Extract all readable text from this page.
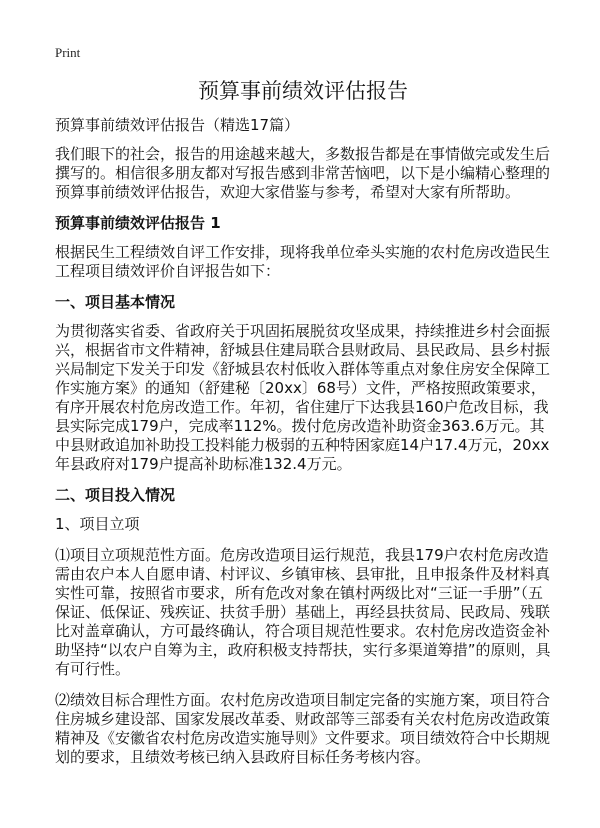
Print
预算事前绩效评估报告
预算事前绩效评估报告（精选17篇）
我们眼下的社会，报告的用途越来越大，多数报告都是在事情做完或发生后撰写的。相信很多朋友都对写报告感到非常苦恼吧，以下是小编精心整理的预算事前绩效评估报告，欢迎大家借鉴与参考，希望对大家有所帮助。
预算事前绩效评估报告 1
根据民生工程绩效自评工作安排，现将我单位牵头实施的农村危房改造民生工程项目绩效评价自评报告如下：
一、项目基本情况
为贯彻落实省委、省政府关于巩固拓展脱贫攻坚成果，持续推进乡村会面振兴，根据省市文件精神，舒城县住建局联合县财政局、县民政局、县乡村振兴局制定下发关于印发《舒城县农村低收入群体等重点对象住房安全保障工作实施方案》的通知（舒建秘〔20xx〕68号）文件，严格按照政策要求，有序开展农村危房改造工作。年初，省住建厅下达我县160户危改目标，我县实际完成179户，完成率112%。拨付危房改造补助资金363.6万元。其中县财政追加补助投工投料能力极弱的五种特困家庭14户17.4万元，20xx年县政府对179户提高补助标准132.4万元。
二、项目投入情况
1、项目立项
⑴项目立项规范性方面。危房改造项目运行规范，我县179户农村危房改造需由农户本人自愿申请、村评议、乡镇审核、县审批，且申报条件及材料真实性可靠，按照省市要求，所有危改对象在镇村两级比对“三证一手册”（五保证、低保证、残疾证、扶贫手册）基础上，再经县扶贫局、民政局、残联比对盖章确认，方可最终确认，符合项目规范性要求。农村危房改造资金补助坚持“以农户自筹为主，政府积极支持帮扶，实行多渠道筹措”的原则，具有可行性。
⑵绩效目标合理性方面。农村危房改造项目制定完备的实施方案，项目符合住房城乡建设部、国家发展改革委、财政部等三部委有关农村危房改造政策精神及《安徽省农村危房改造实施导则》文件要求。项目绩效符合中长期规划的要求，且绩效考核已纳入县政府目标任务考核内容。
